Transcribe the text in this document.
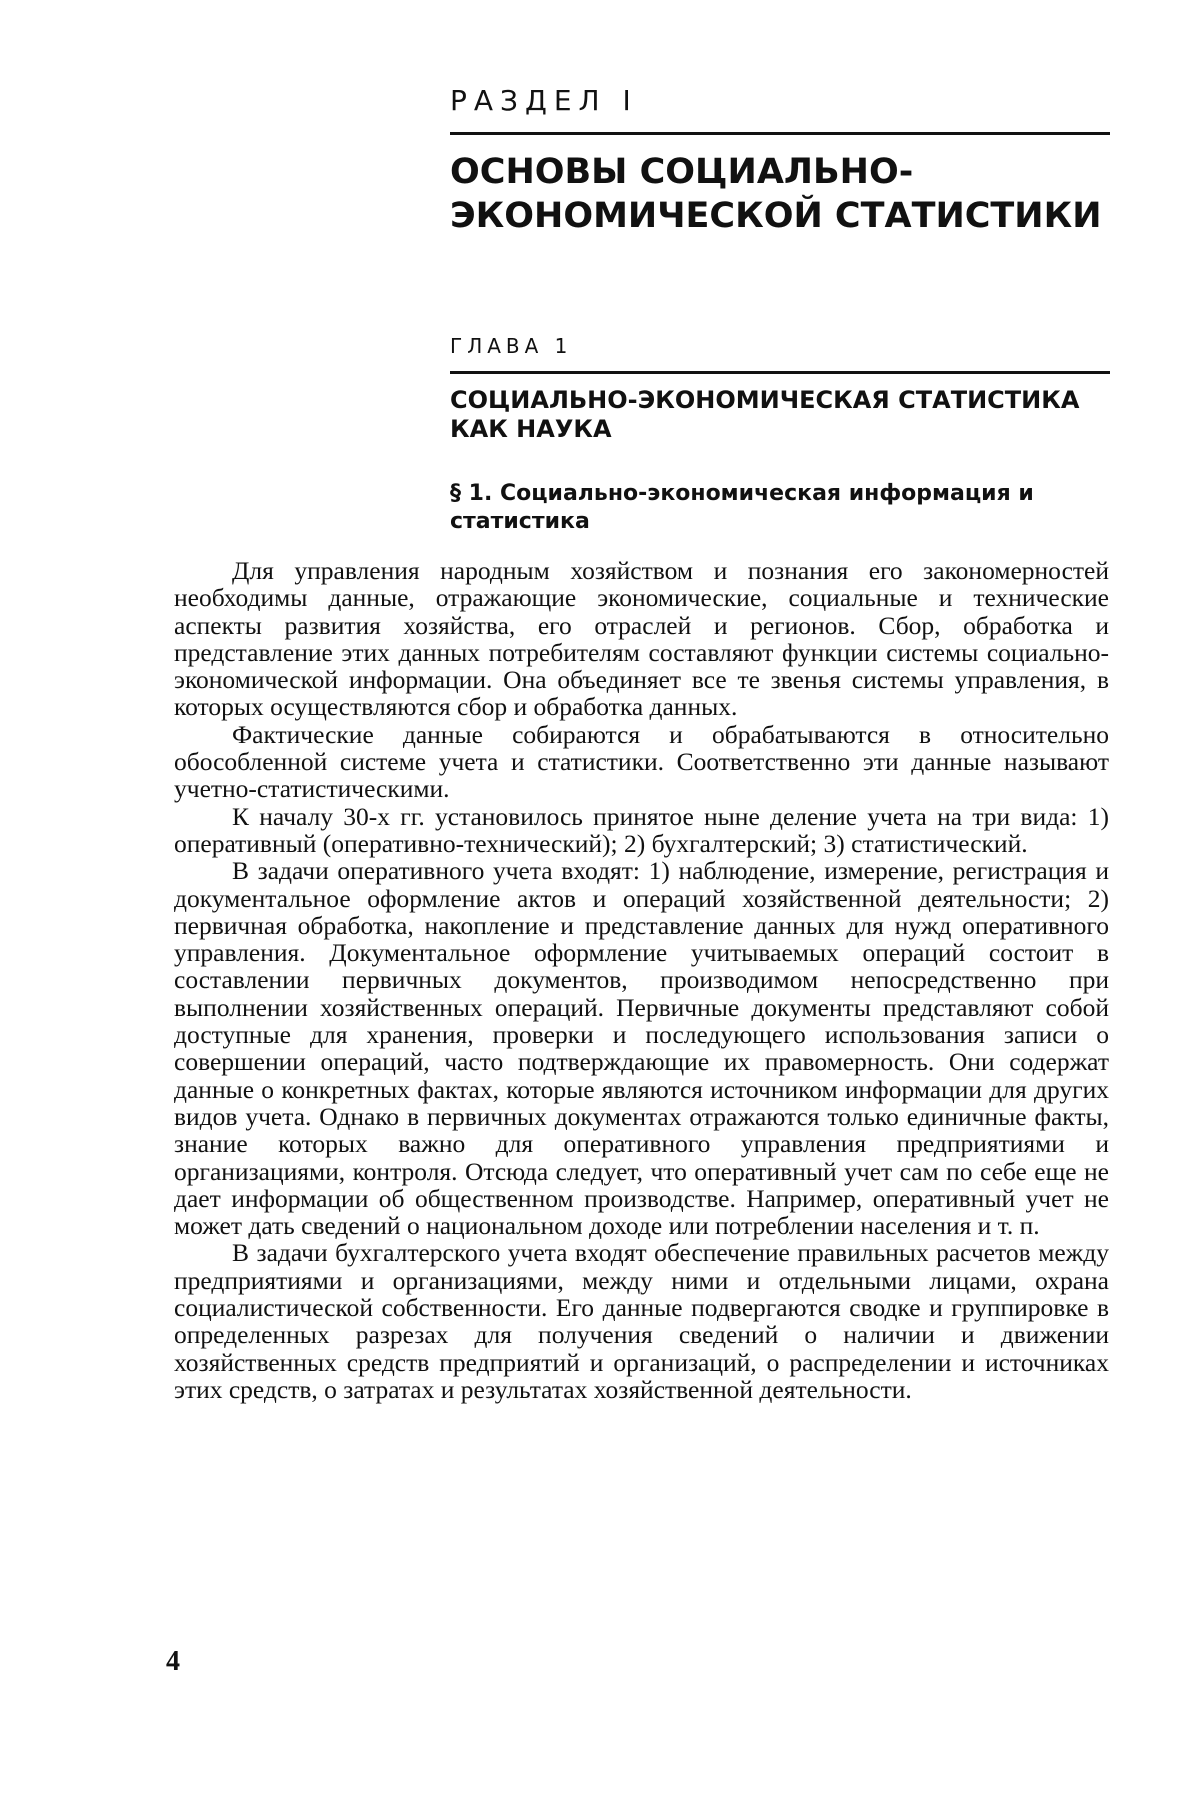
РАЗДЕЛ I
ОСНОВЫ СОЦИАЛЬНО-ЭКОНОМИЧЕСКОЙ СТАТИСТИКИ
ГЛАВА 1
СОЦИАЛЬНО-ЭКОНОМИЧЕСКАЯ СТАТИСТИКА КАК НАУКА
§ 1. Социально-экономическая информация и статистика

Для управления народным хозяйством и познания его закономерностей необходимы данные, отражающие экономические, социальные и технические аспекты развития хозяйства, его отраслей и регионов. Сбор, обработка и представление этих данных потребителям составляют функции системы социально-экономической информации. Она объединяет все те звенья системы управления, в которых осуществляются сбор и обработка данных.

Фактические данные собираются и обрабатываются в относительно обособленной системе учета и статистики. Соответственно эти данные называют учетно-статистическими.

К началу 30-х гг. установилось принятое ныне деление учета на три вида: 1) оперативный (оперативно-технический); 2) бухгалтерский; 3) статистический.

В задачи оперативного учета входят: 1) наблюдение, измерение, регистрация и документальное оформление актов и операций хозяйственной деятельности; 2) первичная обработка, накопление и представление данных для нужд оперативного управления. Документальное оформление учитываемых операций состоит в составлении первичных документов, производимом непосредственно при выполнении хозяйственных операций. Первичные документы представляют собой доступные для хранения, проверки и последующего использования записи о совершении операций, часто подтверждающие их правомерность. Они содержат данные о конкретных фактах, которые являются источником информации для других видов учета. Однако в первичных документах отражаются только единичные факты, знание которых важно для оперативного управления предприятиями и организациями, контроля. Отсюда следует, что оперативный учет сам по себе еще не дает информации об общественном производстве. Например, оперативный учет не может дать сведений о национальном доходе или потреблении населения и т. п.

В задачи бухгалтерского учета входят обеспечение правильных расчетов между предприятиями и организациями, между ними и отдельными лицами, охрана социалистической собственности. Его данные подвергаются сводке и группировке в определенных разрезах для получения сведений о наличии и движении хозяйственных средств предприятий и организаций, о распределении и источниках этих средств, о затратах и результатах хозяйственной деятельности.

4
